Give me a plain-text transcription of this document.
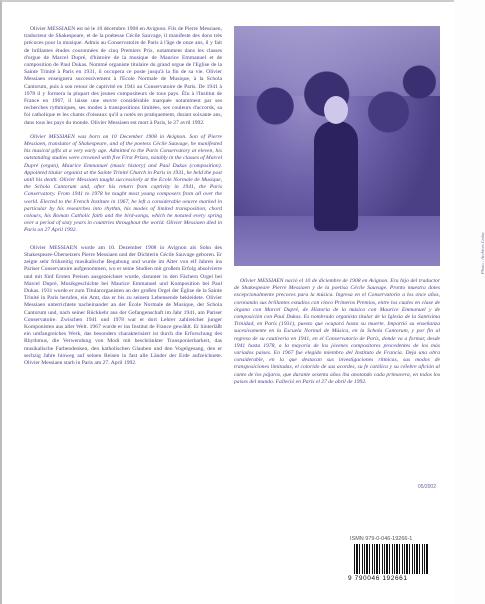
Olivier MESSIAEN est né le 10 décembre 1908 en Avignon. Fils de Pierre Messiaen, traducteur de Shakespeare, et de la poétesse Cécile Sauvage, il manifeste des dons très précoces pour la musique. Admis au Conservatoire de Paris à l'âge de onze ans, il y fait de brillantes études couronnées de cinq Premiers Prix, notamment dans les classes d'orgue de Marcel Dupré, d'histoire de la musique de Maurice Emmanuel et de composition de Paul Dukas. Nommé organiste titulaire du grand orgue de l'Eglise de la Sainte Trinité à Paris en 1931, il occupera ce poste jusqu'à la fin de sa vie. Olivier Messiaen enseignera successivement à l'Ecole Normale de Musique, à la Schola Cantorum, puis à son retour de captivité en 1941 au Conservatoire de Paris. De 1941 à 1978 il y formera la plupart des jeunes compositeurs de tous pays. Élu à l'Institut de France en 1967, il laisse une œuvre considérable marquée notamment par ses recherches rythmiques, ses modes à transpositions limitées, ses couleurs d'accords, sa foi catholique et les chants d'oiseaux qu'il a notés en pratiquement, durant soixante ans, dans tous les pays du monde. Olivier Messiaen est mort à Paris, le 27 avril 1992.

Olivier MESSIAEN was born on 10 December 1908 in Avignon. Son of Pierre Messiaen, translator of Shakespeare, and of the poetess Cécile Sauvage, he manifested his musical gifts at a very early age. Admitted to the Paris Conservatory at eleven, his outstanding studies were crowned with five First Prizes, notably in the classes of Marcel Dupré (organ), Maurice Emmanuel (music history) and Paul Dukas (composition). Appointed titular organist at the Sainte Trinité Church in Paris in 1931, he held the post until his death. Olivier Messiaen taught successively at the Ecole Normale de Musique, the Schola Cantorum and, after his return from captivity in 1941, the Paris Conservatory. From 1941 to 1978 he taught most young composers from all over the world. Elected to the French Institute in 1967, he left a considerable oeuvre marked in particular by his researches into rhythm, his modes of limited transposition, chord colours, his Roman Catholic faith and the bird-songs, which he notated every spring over a period of sixty years in countries throughout the world. Olivier Messiaen died in Paris on 27 April 1992.

Olivier MESSIAEN wurde am 10. Dezember 1908 in Avignon als Sohn des Shakespeare-Übersetzers Pierre Messiaen und der Dichterin Cécile Sauvage geboren. Er zeigte sehr frühzeitig musikalische Begabung und wurde im Alter von elf Jahren ins Pariser Conservatoire aufgenommen, wo er seine Studien mit großem Erfolg absolvierte und mit fünf Ersten Preisen ausgezeichnet wurde, darunter in den Fächern Orgel bei Marcel Dupré, Musikgeschichte bei Maurice Emmanuel und Komposition bei Paul Dukas. 1931 wurde er zum Titularorganisten an der großen Orgel der Église de la Sainte Trinité in Paris berufen, ein Amt, das er bis zu seinem Lebensende bekleidete. Olivier Messiaen unterrichtete nacheinander an der École Normale de Musique, der Schola Cantorum und, nach seiner Rückkehr aus der Gefangenschaft im Jahr 1941, am Pariser Conservatoire. Zwischen 1941 und 1978 war er dort Lehrer zahlreicher junger Komponisten aus aller Welt. 1967 wurde er ins Institut de France gewählt. Er hinterläßt ein umfangreiches Werk, das besonders charakterisiert ist durch die Erforschung des Rhythmus, die Verwendung von Modi mit beschränkter Transponierbarkeit, das musikalische Farbendenken, den katholischen Glauben und den Vogelgesang, den er sechzig Jahre hinweg auf seinen Reisen in fast alle Länder der Erde aufzeichnete. Olivier Messiaen starb in Paris am 27. April 1992.

Olivier MESSIAEN nació el 10 de diciembre de 1908 en Avignon. Era hijo del traductor de Shakespeare Pierre Messiaen y de la poetisa Cécile Sauvage. Pronto muestra dotes excepcionalmente precoces para la música. Ingresa en el Conservatorio a los once años, coronando sus brillantes estudios con cinco Primeros Premios, entre los cuales en clase de órgano con Marcel Dupré, de Historia de la música con Maurice Emmanuel y de composición con Paul Dukas. Es nombrado organista titular de la Iglesia de la Santísima Trinidad, en París (1931), puesto que ocupará hasta su muerte. Impartió su enseñanza sucesivamente en la Escuela Normal de Música, en la Schola Cantorum, y por fin al regreso de su cautiverio en 1941, en el Conservatorio de París, donde va a formar, desde 1941 hasta 1978, a la mayoría de los jóvenes compositores procedentes de los más variados países. En 1967 fue elegido miembro del Instituto de Francia. Deja una obra considerable, en la que destacan sus investigaciones rítmicas, sus modos de transposiciones limitadas, el colorido de sus acordes, su fe católica y su célebre afición al canto de los pájaros, que durante sesenta años iba anotando cada primavera, en todos los países del mundo. Falleció en París el 27 de abril de 1992.

Photo : Archives Leduc
05/2002
ISMN 979-0-046-19266-1
9 790046 192661
